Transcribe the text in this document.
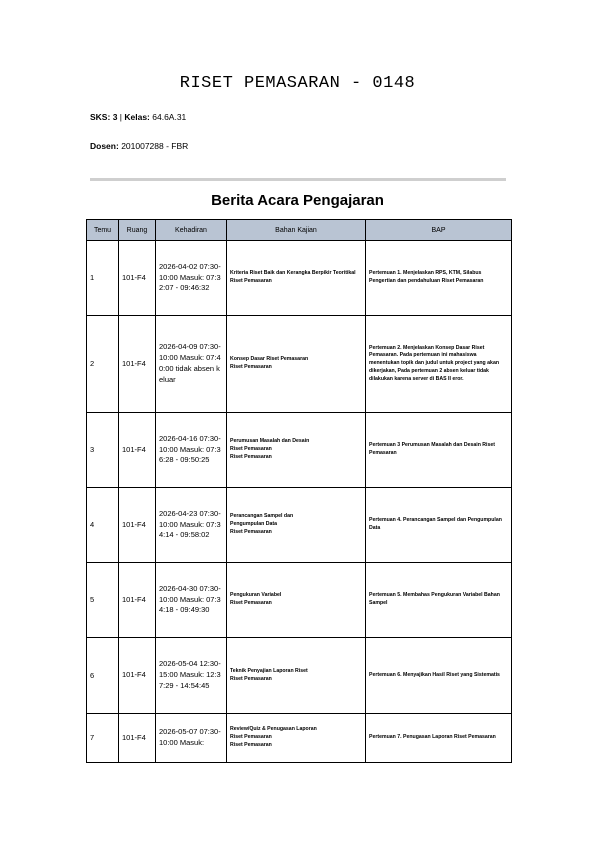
RISET PEMASARAN - 0148
SKS: 3 | Kelas: 64.6A.31
Dosen: 201007288 - FBR
Berita Acara Pengajaran
Temu	Ruang	Kehadiran	Bahan Kajian	BAP
1	101-F4	2026-04-02 07:30-10:00 Masuk: 07:32:07 - 09:46:32	Kriteria Riset Baik dan Kerangka Berpikir Teoritikal
Riset Pemasaran	Pertemuan 1. Menjelaskan RPS, KTM, Silabus Pengertian dan pendahuluan Riset Pemasaran
2	101-F4	2026-04-09 07:30-10:00 Masuk: 07:40:00 tidak absen keluar	Konsep Dasar Riset Pemasaran
Riset Pemasaran	Pertemuan 2. Menjelaskan Konsep Dasar Riset Pemasaran. Pada pertemuan ini mahasiswa menentukan topik dan judul untuk project yang akan dikerjakan, Pada pertemuan 2 absen keluar tidak dilakukan karena server di BAS II eror.
3	101-F4	2026-04-16 07:30-10:00 Masuk: 07:36:28 - 09:50:25	Perumusan Masalah dan Desain
Riset Pemasaran
Riset Pemasaran	Pertemuan 3 Perumusan Masalah dan Desain Riset Pemasaran
4	101-F4	2026-04-23 07:30-10:00 Masuk: 07:34:14 - 09:58:02	Perancangan Sampel dan
Pengumpulan Data
Riset Pemasaran	Pertemuan 4. Perancangan Sampel dan Pengumpulan Data
5	101-F4	2026-04-30 07:30-10:00 Masuk: 07:34:18 - 09:49:30	Pengukuran Variabel
Riset Pemasaran	Pertemuan 5. Membahas Pengukuran Variabel Bahan Sampel
6	101-F4	2026-05-04 12:30-15:00 Masuk: 12:37:29 - 14:54:45	Teknik Penyajian Laporan Riset
Riset Pemasaran	Pertemuan 6. Menyajikan Hasil Riset yang Sistematis
7	101-F4	2026-05-07 07:30-10:00 Masuk:	Review/Quiz & Penugasan Laporan
Riset Pemasaran
Riset Pemasaran	Pertemuan 7. Penugasan Laporan Riset Pemasaran
